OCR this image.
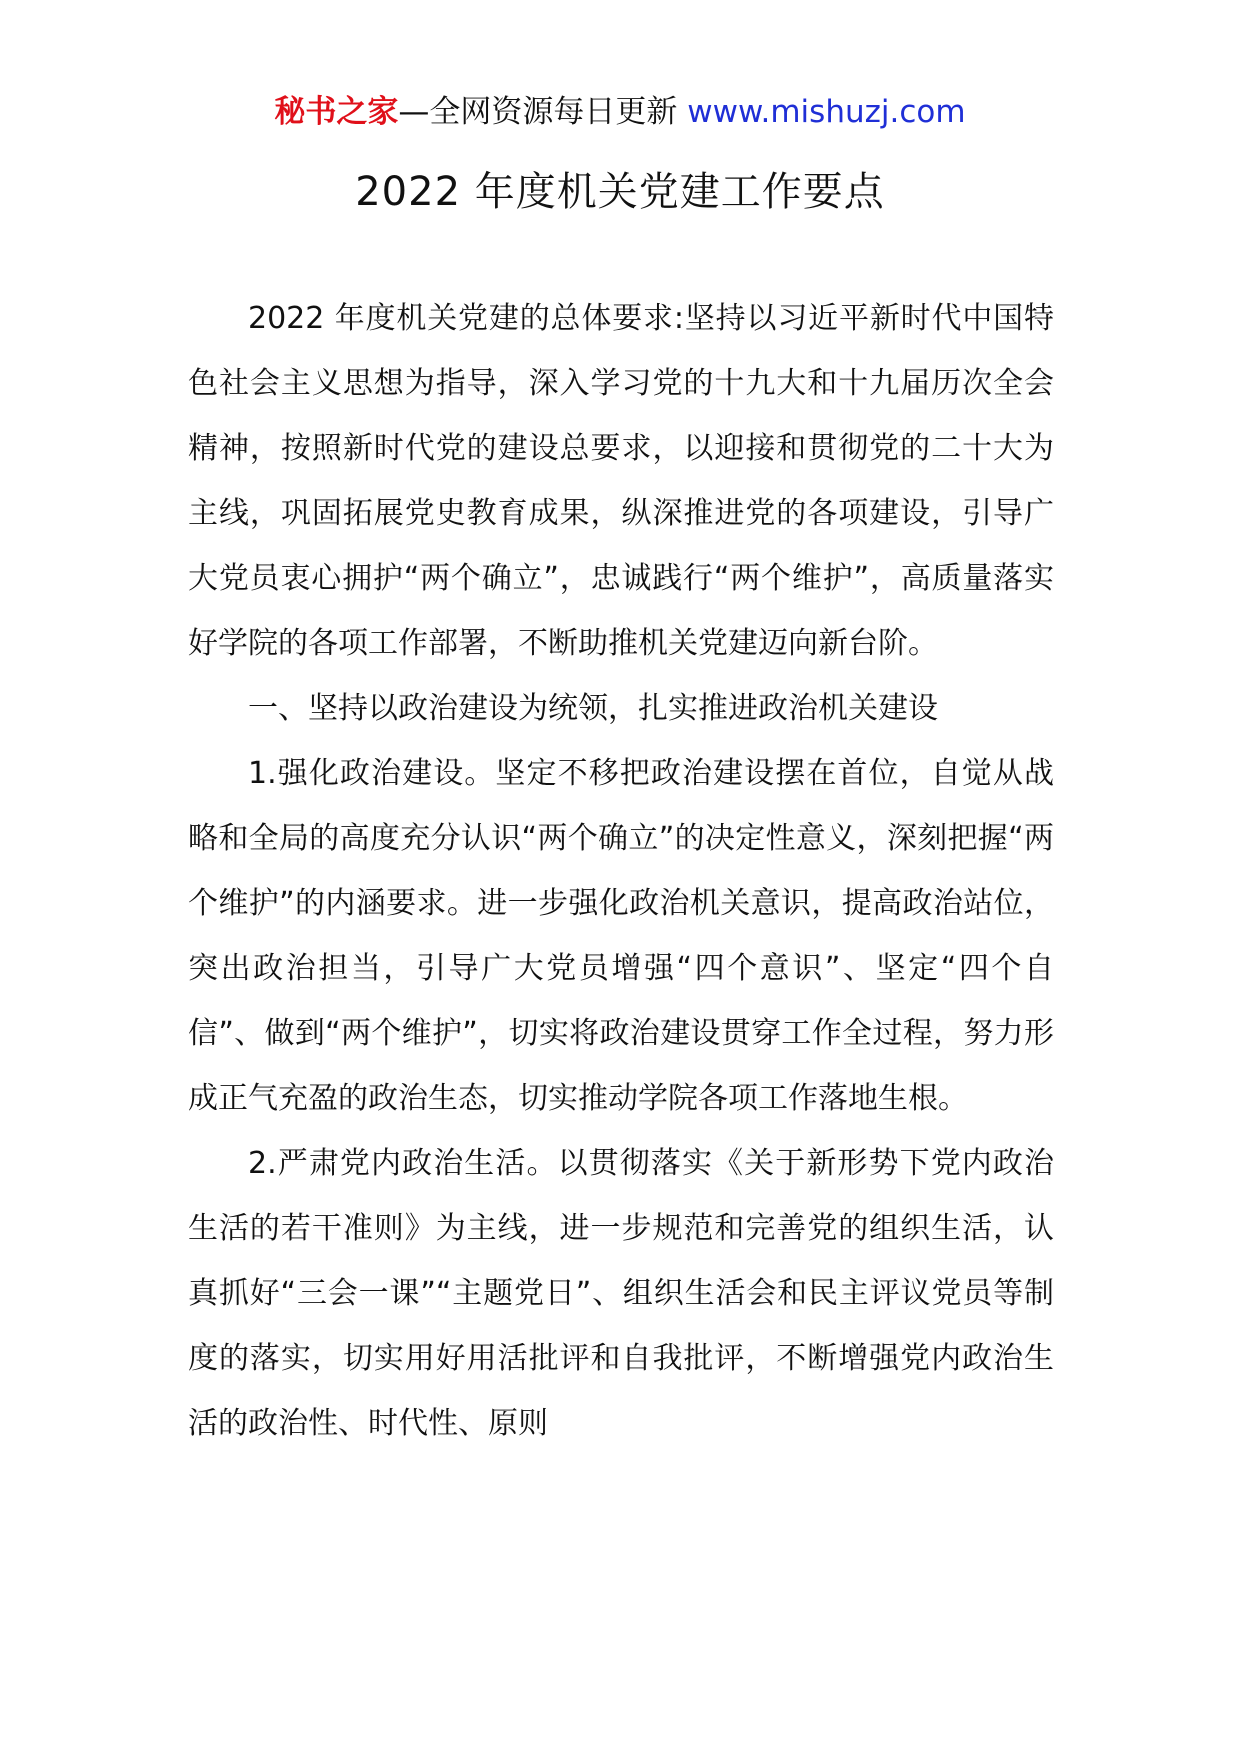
秘书之家—全网资源每日更新 www.mishuzj.com
2022 年度机关党建工作要点

2022 年度机关党建的总体要求:坚持以习近平新时代中国特色社会主义思想为指导，深入学习党的十九大和十九届历次全会精神，按照新时代党的建设总要求，以迎接和贯彻党的二十大为主线，巩固拓展党史教育成果，纵深推进党的各项建设，引导广大党员衷心拥护“两个确立”，忠诚践行“两个维护”，高质量落实好学院的各项工作部署，不断助推机关党建迈向新台阶。

一、坚持以政治建设为统领，扎实推进政治机关建设

1.强化政治建设。坚定不移把政治建设摆在首位，自觉从战略和全局的高度充分认识“两个确立”的决定性意义，深刻把握“两个维护”的内涵要求。进一步强化政治机关意识，提高政治站位，突出政治担当，引导广大党员增强“四个意识”、坚定“四个自信”、做到“两个维护”，切实将政治建设贯穿工作全过程，努力形成正气充盈的政治生态，切实推动学院各项工作落地生根。

2.严肃党内政治生活。以贯彻落实《关于新形势下党内政治生活的若干准则》为主线，进一步规范和完善党的组织生活，认真抓好“三会一课”“主题党日”、组织生活会和民主评议党员等制度的落实，切实用好用活批评和自我批评，不断增强党内政治生活的政治性、时代性、原则
